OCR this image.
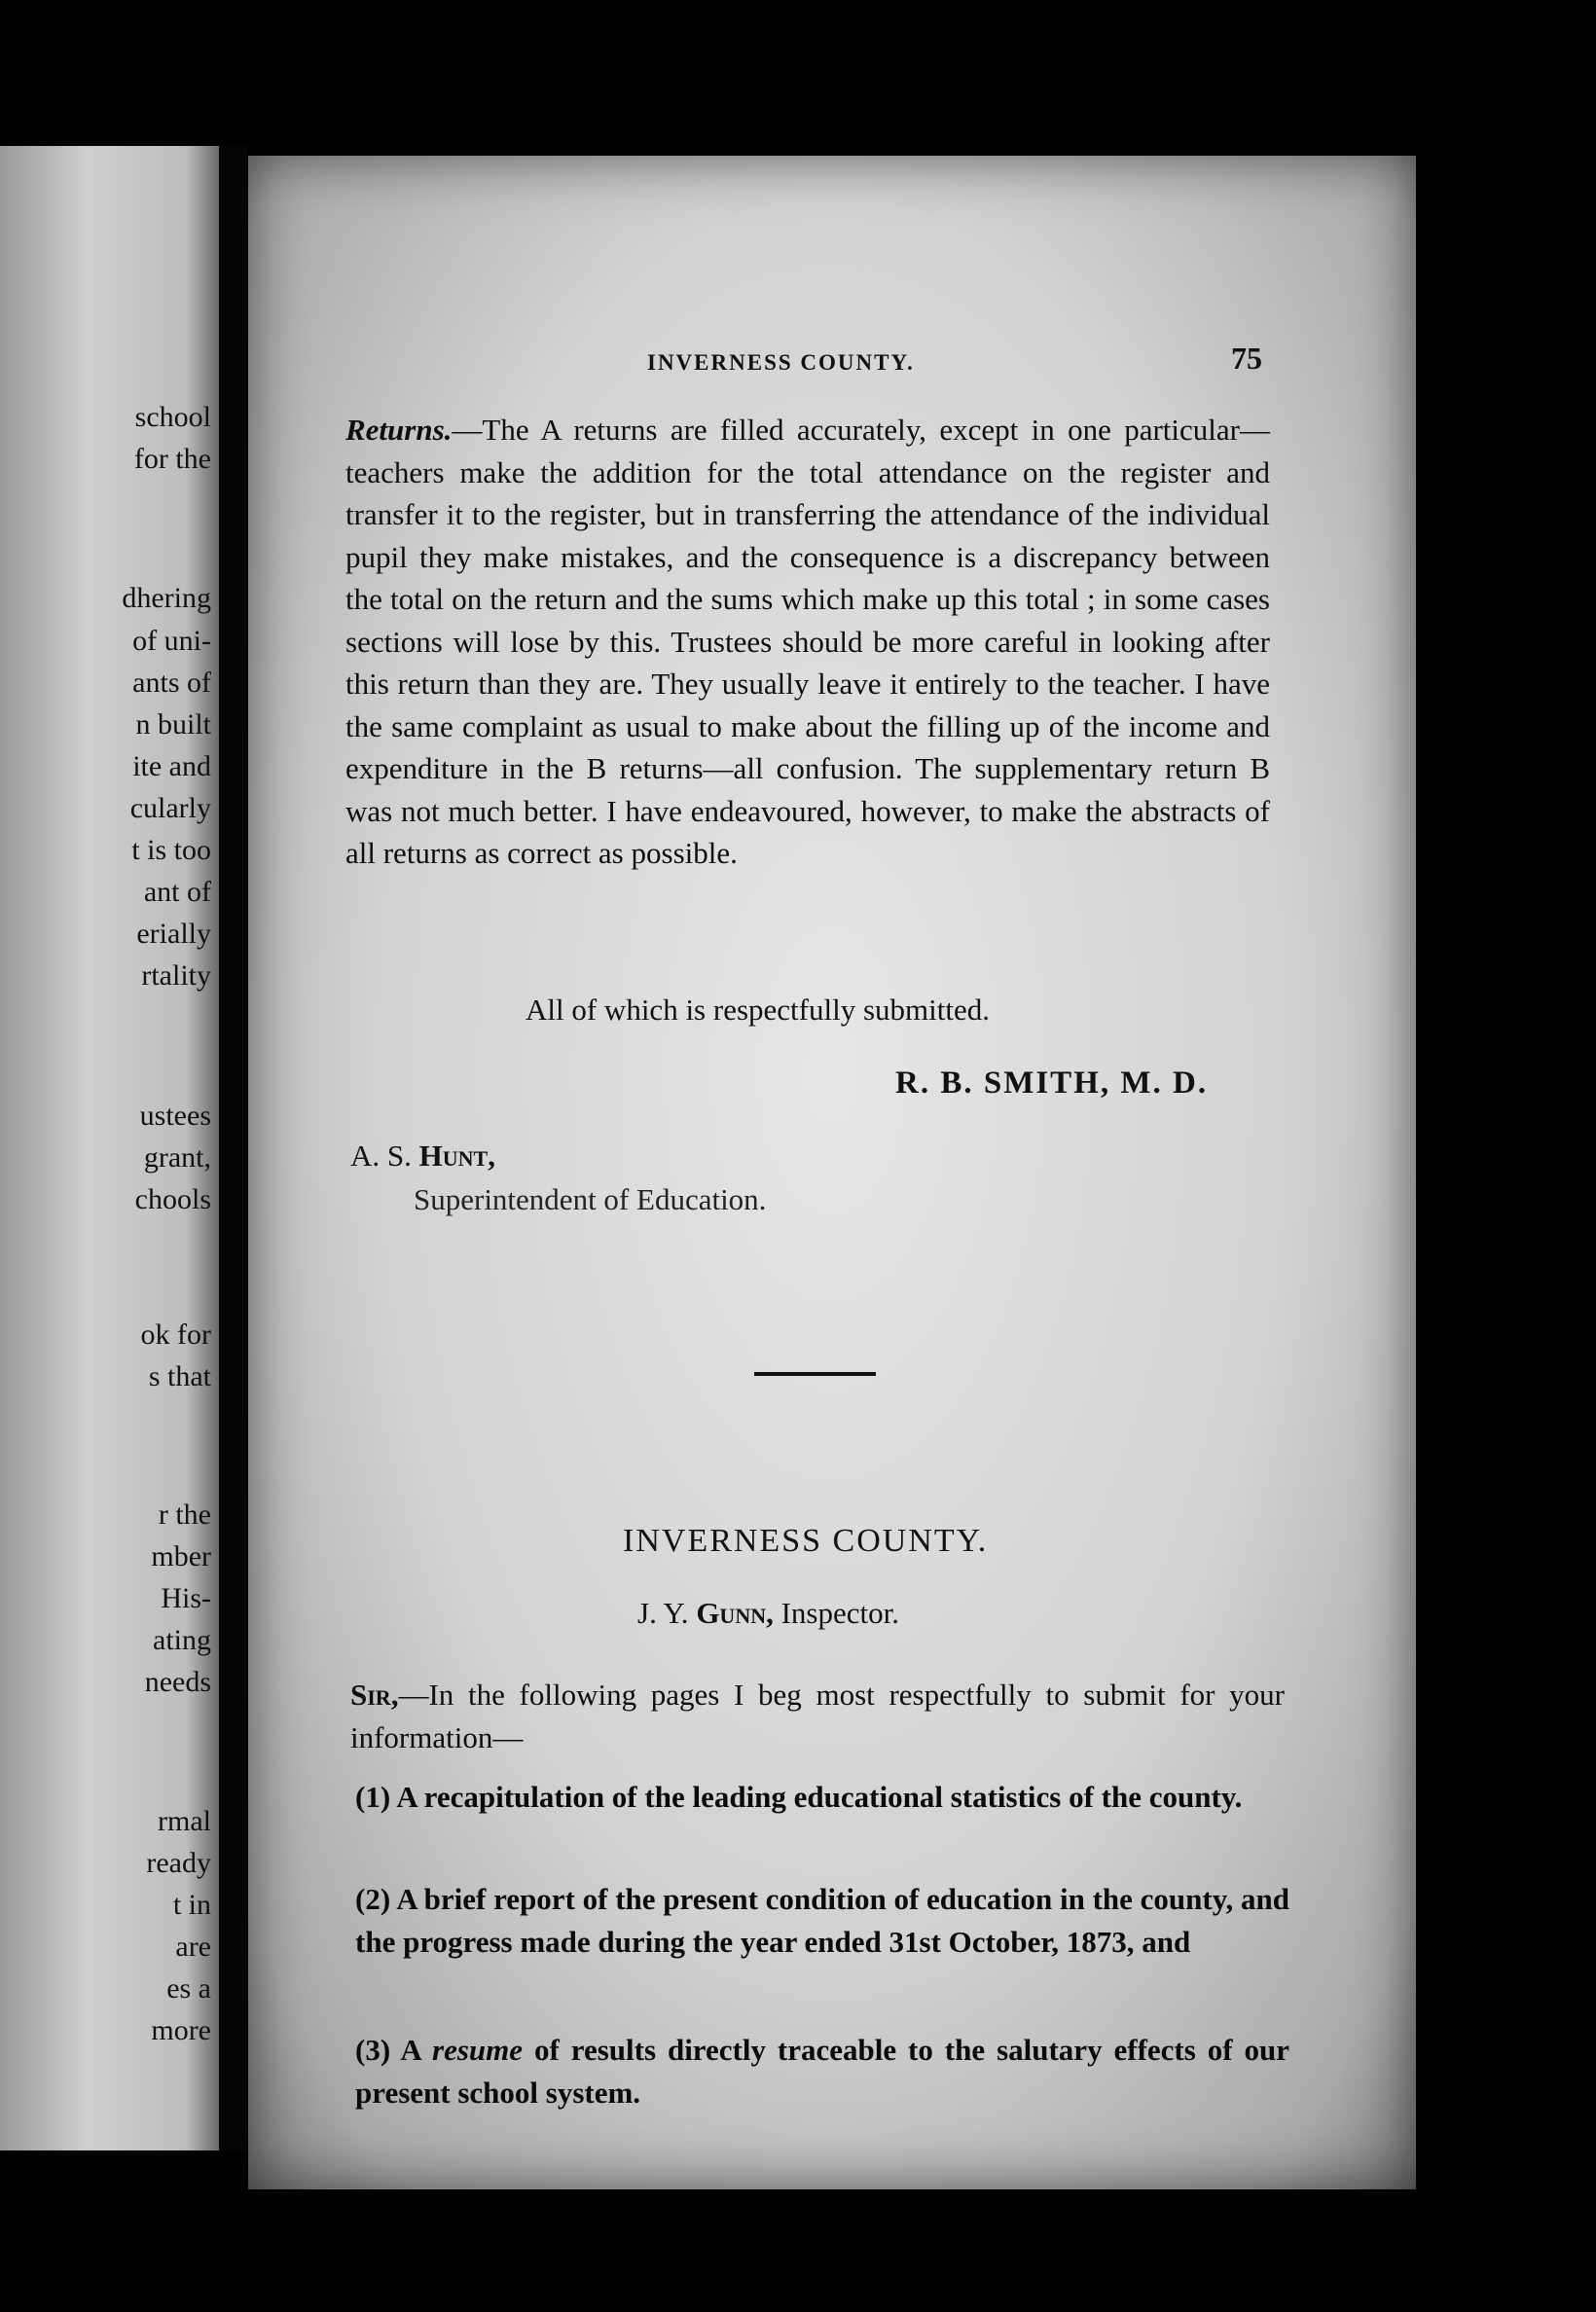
school
for the
dhering
of uni-
ants of
n built
ite and
cularly
t is too
ant of
erially
rtality
ustees
grant,
chools
ok for
s that
r the
mber
His-
ating
needs
rmal
ready
t in
are
es a
more
INVERNESS COUNTY.	75
Returns.—The A returns are filled accurately, except in one particular—teachers make the addition for the total attendance on the register and transfer it to the register, but in transferring the attendance of the individual pupil they make mistakes, and the consequence is a discrepancy between the total on the return and the sums which make up this total ; in some cases sections will lose by this. Trustees should be more careful in looking after this return than they are. They usually leave it entirely to the teacher. I have the same complaint as usual to make about the filling up of the income and expenditure in the B returns—all confusion. The supplementary return B was not much better. I have endeavoured, however, to make the abstracts of all returns as correct as possible.
All of which is respectfully submitted.
R. B. SMITH, M. D.
A. S. Hunt,
Superintendent of Education.
INVERNESS COUNTY.
J. Y. Gunn, Inspector.
Sir,—In the following pages I beg most respectfully to submit for your information—
(1) A recapitulation of the leading educational statistics of the county.
(2) A brief report of the present condition of education in the county, and the progress made during the year ended 31st October, 1873, and
(3) A resume of results directly traceable to the salutary effects of our present school system.
